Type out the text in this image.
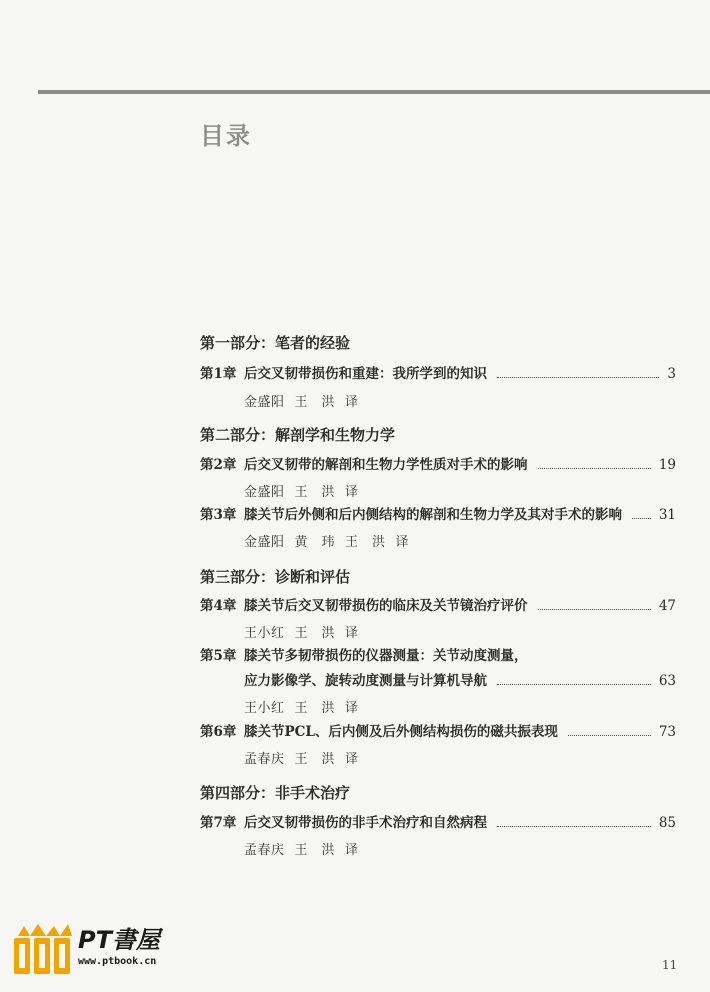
目录
第一部分：笔者的经验
第1章 后交叉韧带损伤和重建：我所学到的知识	3
金盛阳 王　洪 译
第二部分：解剖学和生物力学
第2章 后交叉韧带的解剖和生物力学性质对手术的影响	19
金盛阳 王　洪 译
第3章 膝关节后外侧和后内侧结构的解剖和生物力学及其对手术的影响	31
金盛阳 黄　玮 王　洪 译
第三部分：诊断和评估
第4章 膝关节后交叉韧带损伤的临床及关节镜治疗评价	47
王小红 王　洪 译
第5章 膝关节多韧带损伤的仪器测量：关节动度测量，
应力影像学、旋转动度测量与计算机导航	63
王小红 王　洪 译
第6章 膝关节PCL、后内侧及后外侧结构损伤的磁共振表现	73
孟春庆 王　洪 译
第四部分：非手术治疗
第7章 后交叉韧带损伤的非手术治疗和自然病程	85
孟春庆 王　洪 译
PT書屋
www.ptbook.cn	11
